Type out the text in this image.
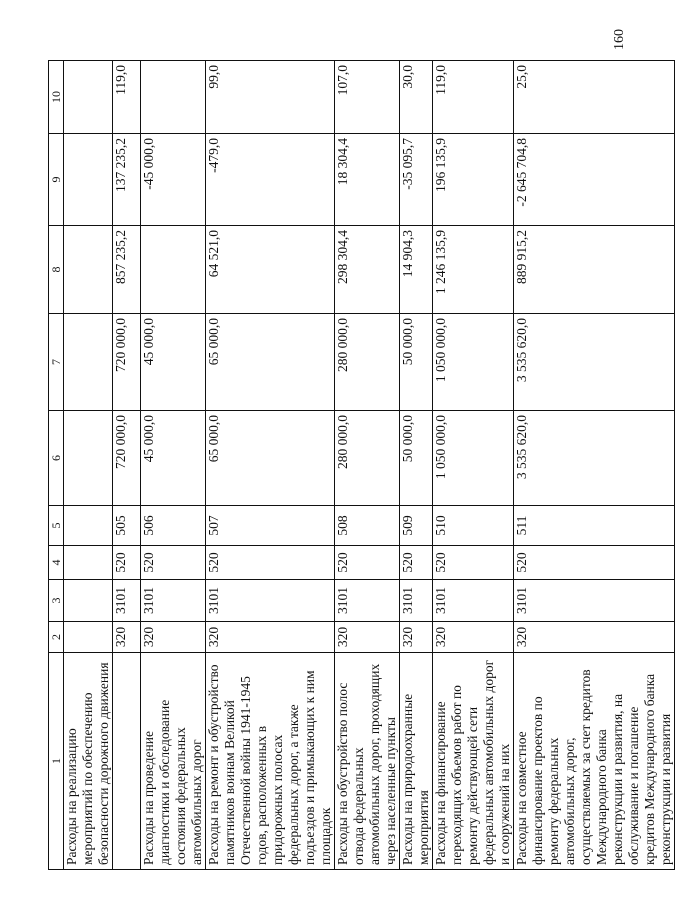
160
1	2	3	4	5	6	7	8	9	10
Расходы на реализацию мероприятий по обеспечению безопасности дорожного движения									
	320	3101	520	505	720 000,0	720 000,0	857 235,2	137 235,2	119,0
Расходы на проведение диагностики и обследование состояния федеральных автомобильных дорог	320	3101	520	506	45 000,0	45 000,0		-45 000,0	
Расходы на ремонт и обустройство памятников воинам Великой Отечественной войны 1941-1945 годов, расположенных в придорожных полосах федеральных дорог, а также подъездов и примыкающих к ним площадок	320	3101	520	507	65 000,0	65 000,0	64 521,0	-479,0	99,0
Расходы на обустройство полос отвода федеральных автомобильных дорог, проходящих через населенные пункты	320	3101	520	508	280 000,0	280 000,0	298 304,4	18 304,4	107,0
Расходы на природоохранные мероприятия	320	3101	520	509	50 000,0	50 000,0	14 904,3	-35 095,7	30,0
Расходы на финансирование переходящих объемов работ по ремонту действующей сети федеральных автомобильных дорог и сооружений на них	320	3101	520	510	1 050 000,0	1 050 000,0	1 246 135,9	196 135,9	119,0
Расходы на совместное финансирование проектов по ремонту федеральных автомобильных дорог, осуществляемых за счет кредитов Международного банка реконструкции и развития, на обслуживание и погашение кредитов Международного банка реконструкции и развития	320	3101	520	511	3 535 620,0	3 535 620,0	889 915,2	-2 645 704,8	25,0
